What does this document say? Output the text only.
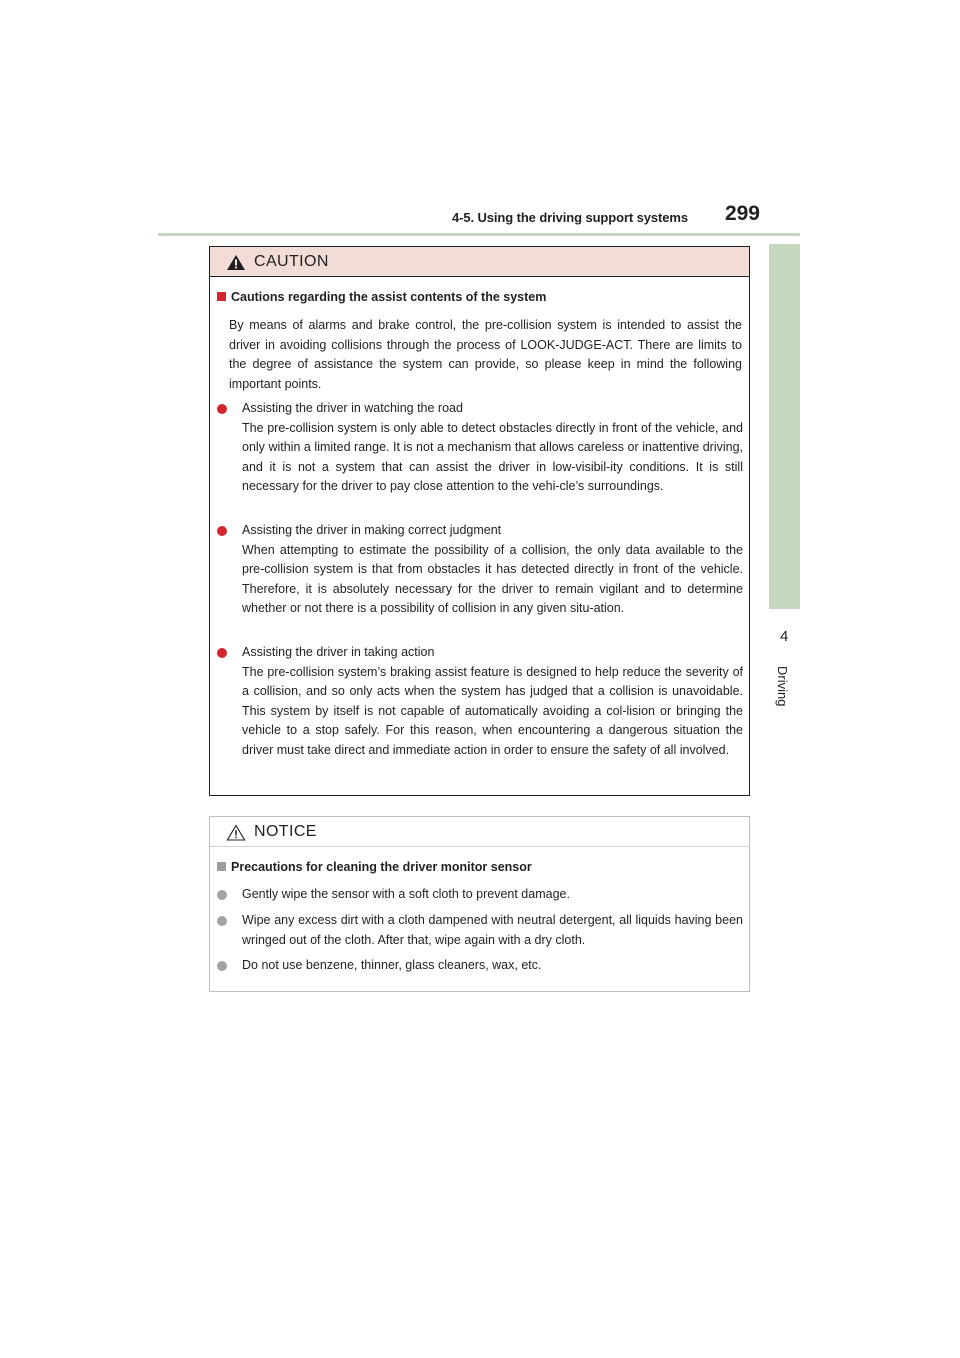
4-5. Using the driving support systems 299
4
Driving
CAUTION
Cautions regarding the assist contents of the system
By means of alarms and brake control, the pre-collision system is intended to assist the driver in avoiding collisions through the process of LOOK-JUDGE-ACT. There are limits to the degree of assistance the system can provide, so please keep in mind the following important points.
Assisting the driver in watching the road
The pre-collision system is only able to detect obstacles directly in front of the vehicle, and only within a limited range. It is not a mechanism that allows careless or inattentive driving, and it is not a system that can assist the driver in low-visibil-ity conditions. It is still necessary for the driver to pay close attention to the vehi-cle’s surroundings.
Assisting the driver in making correct judgment
When attempting to estimate the possibility of a collision, the only data available to the pre-collision system is that from obstacles it has detected directly in front of the vehicle. Therefore, it is absolutely necessary for the driver to remain vigilant and to determine whether or not there is a possibility of collision in any given situ-ation.
Assisting the driver in taking action
The pre-collision system’s braking assist feature is designed to help reduce the severity of a collision, and so only acts when the system has judged that a collision is unavoidable. This system by itself is not capable of automatically avoiding a col-lision or bringing the vehicle to a stop safely. For this reason, when encountering a dangerous situation the driver must take direct and immediate action in order to ensure the safety of all involved.
NOTICE
Precautions for cleaning the driver monitor sensor
Gently wipe the sensor with a soft cloth to prevent damage.
Wipe any excess dirt with a cloth dampened with neutral detergent, all liquids having been wringed out of the cloth. After that, wipe again with a dry cloth.
Do not use benzene, thinner, glass cleaners, wax, etc.
